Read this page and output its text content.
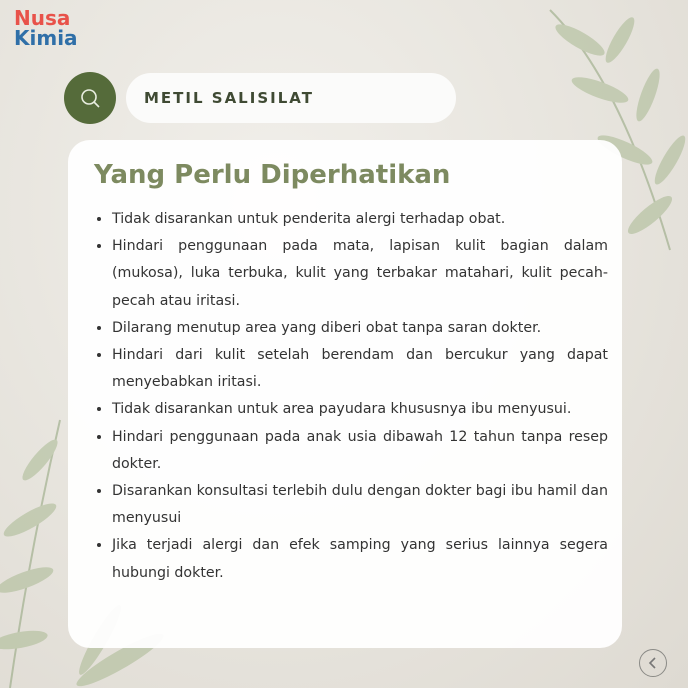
Nusa
Kimia
METIL SALISILAT
Yang Perlu Diperhatikan
• Tidak disarankan untuk penderita alergi terhadap obat.
• Hindari penggunaan pada mata, lapisan kulit bagian dalam (mukosa), luka terbuka, kulit yang terbakar matahari, kulit pecah-pecah atau iritasi.
• Dilarang menutup area yang diberi obat tanpa saran dokter.
• Hindari dari kulit setelah berendam dan bercukur yang dapat menyebabkan iritasi.
• Tidak disarankan untuk area payudara khususnya ibu menyusui.
• Hindari penggunaan pada anak usia dibawah 12 tahun tanpa resep dokter.
• Disarankan konsultasi terlebih dulu dengan dokter bagi ibu hamil dan menyusui
• Jika terjadi alergi dan efek samping yang serius lainnya segera hubungi dokter.
